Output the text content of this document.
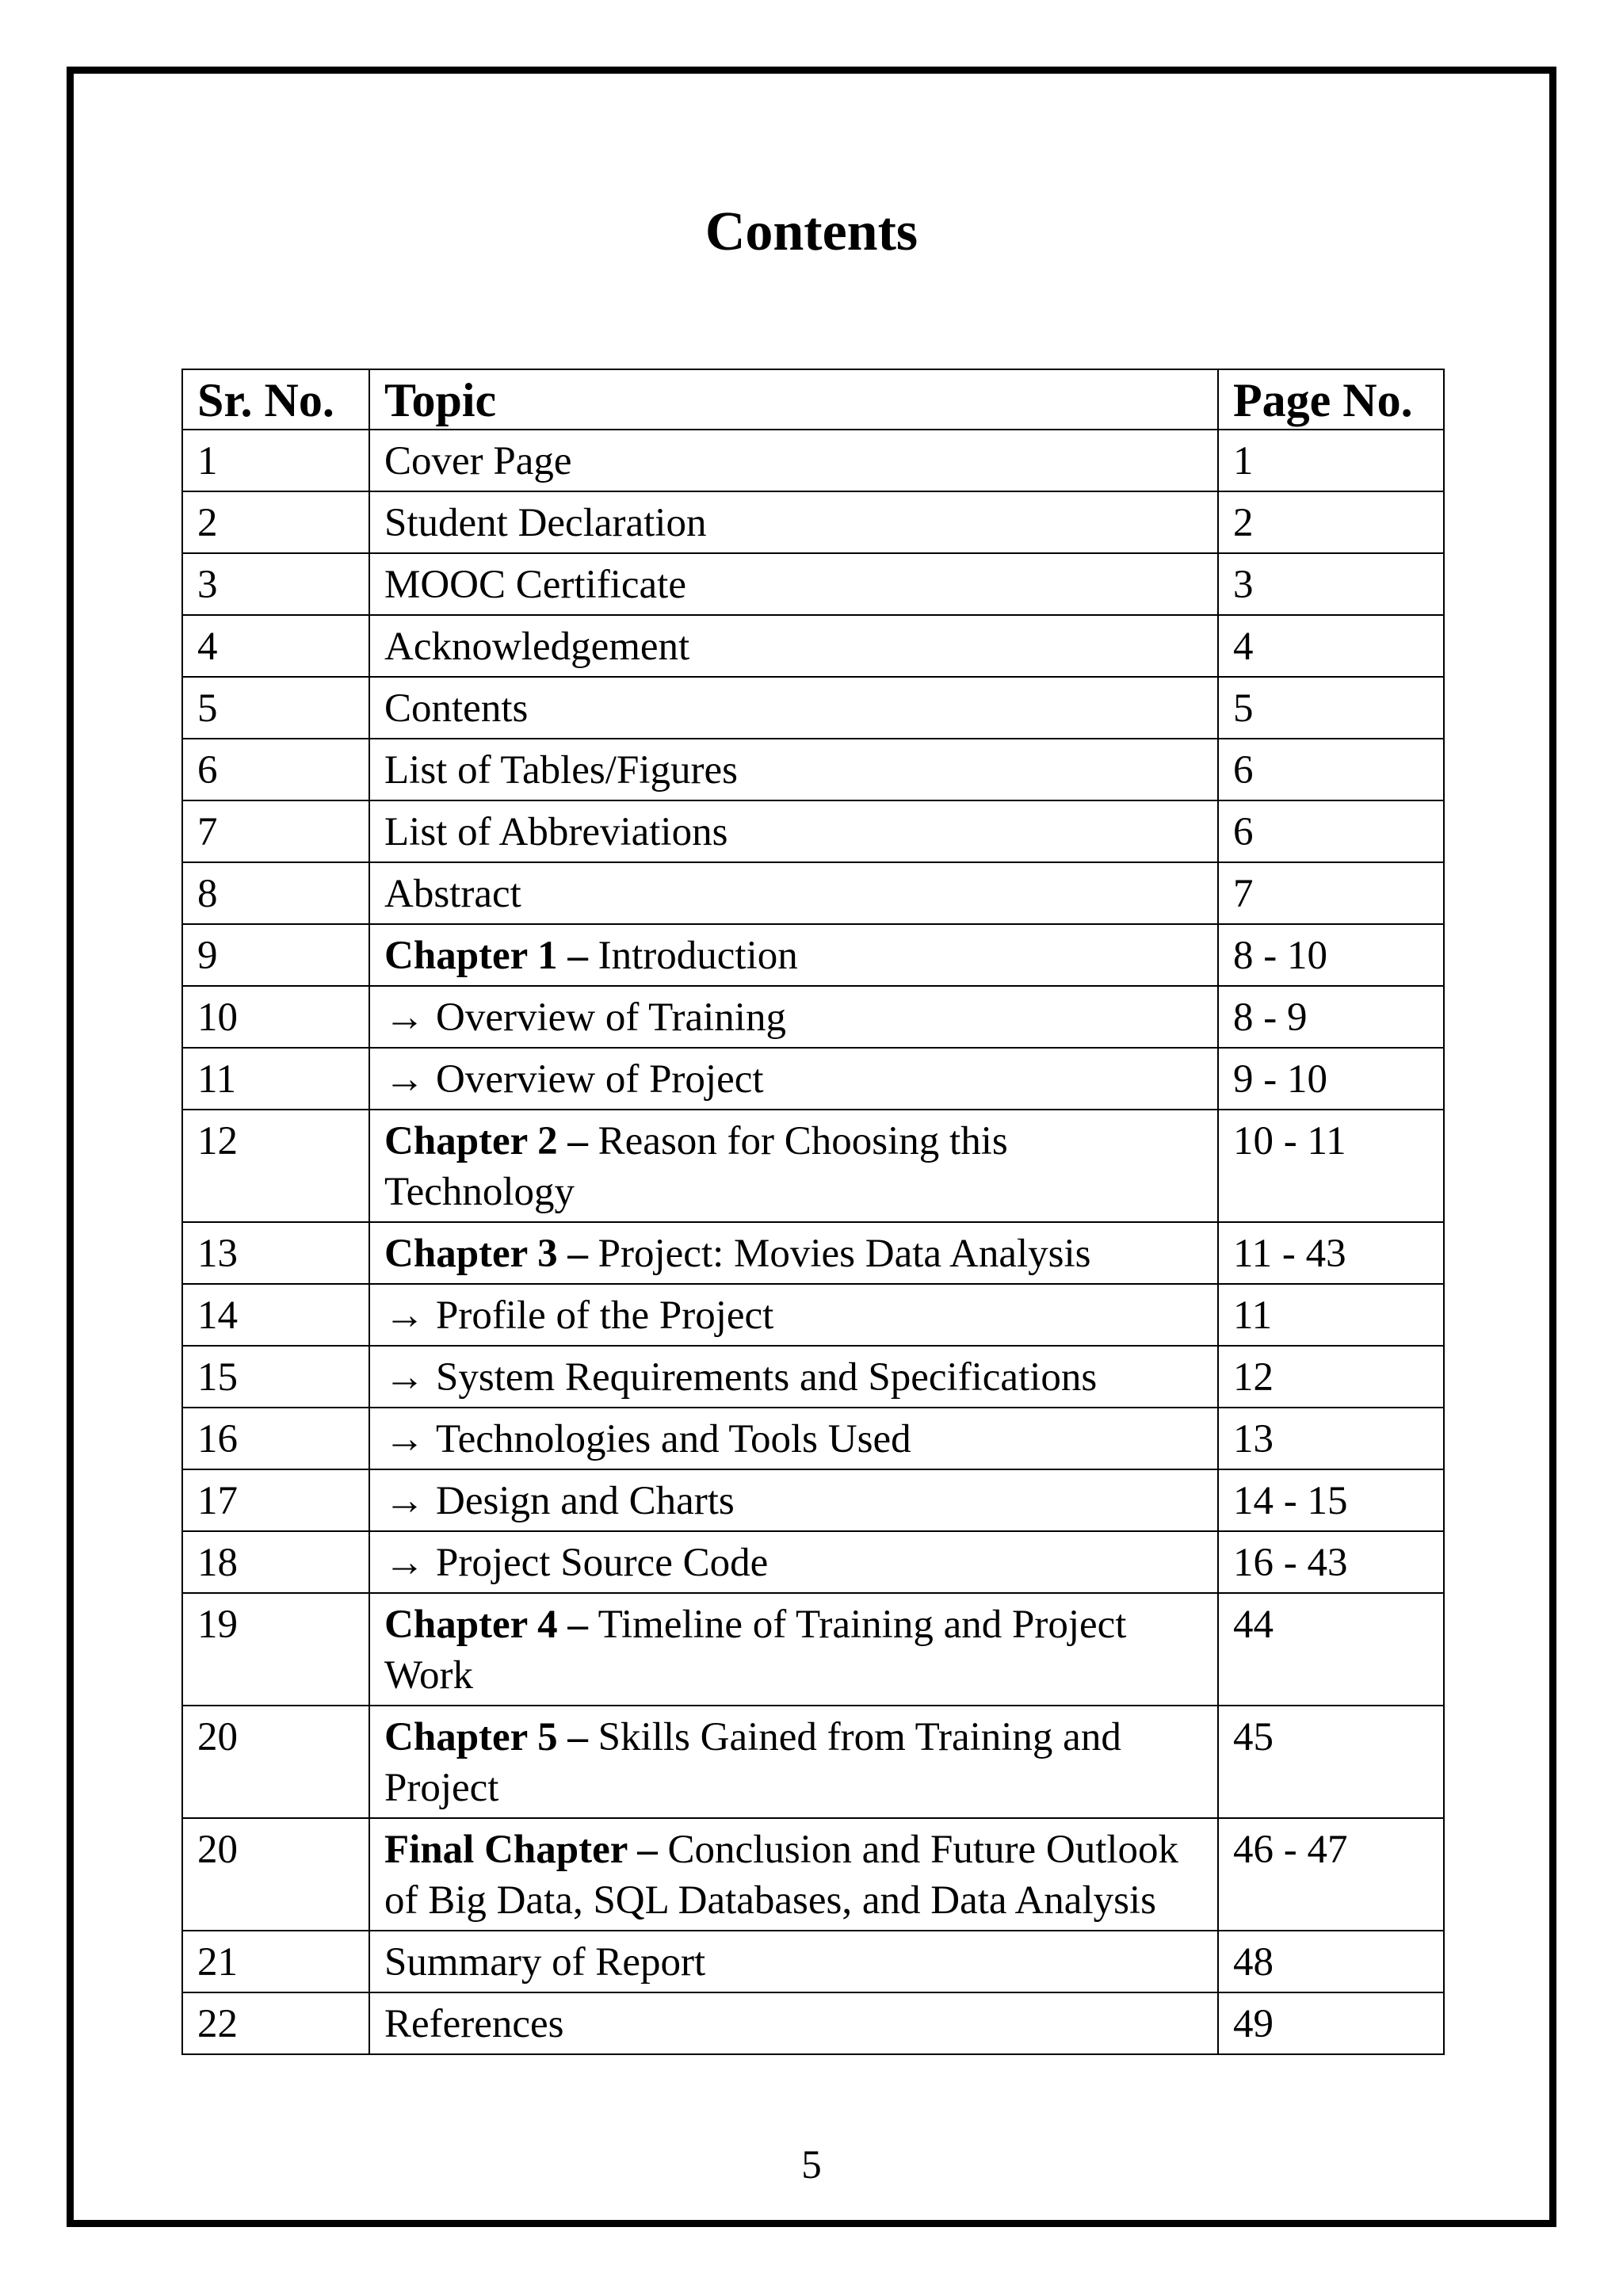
Contents
Sr. No.	Topic	Page No.
1	Cover Page	1
2	Student Declaration	2
3	MOOC Certificate	3
4	Acknowledgement	4
5	Contents	5
6	List of Tables/Figures	6
7	List of Abbreviations	6
8	Abstract	7
9	Chapter 1 – Introduction	8 - 10
10	→ Overview of Training	8 - 9
11	→ Overview of Project	9 - 10
12	Chapter 2 – Reason for Choosing this Technology	10 - 11
13	Chapter 3 – Project: Movies Data Analysis	11 - 43
14	→ Profile of the Project	11
15	→ System Requirements and Specifications	12
16	→ Technologies and Tools Used	13
17	→ Design and Charts	14 - 15
18	→ Project Source Code	16 - 43
19	Chapter 4 – Timeline of Training and Project Work	44
20	Chapter 5 – Skills Gained from Training and Project	45
20	Final Chapter – Conclusion and Future Outlook of Big Data, SQL Databases, and Data Analysis	46 - 47
21	Summary of Report	48
22	References	49
5
